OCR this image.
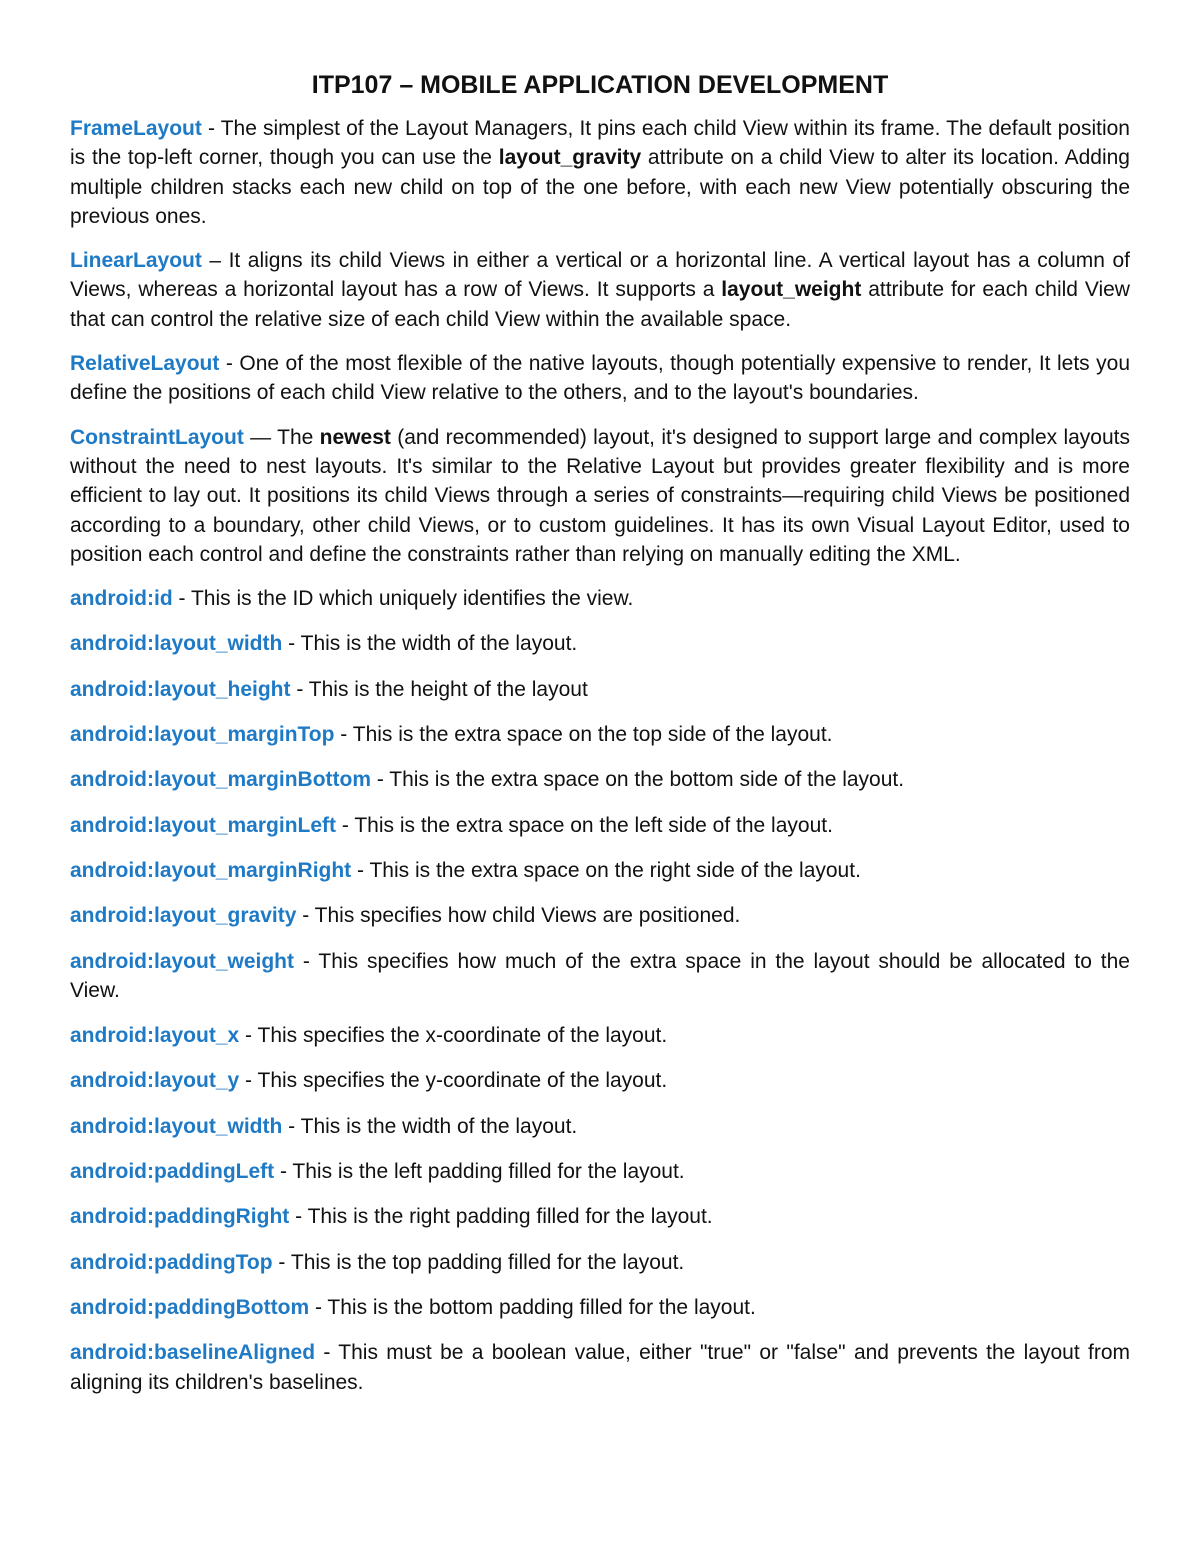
ITP107 – MOBILE APPLICATION DEVELOPMENT

FrameLayout - The simplest of the Layout Managers, It pins each child View within its frame. The default position is the top-left corner, though you can use the layout_gravity attribute on a child View to alter its location. Adding multiple children stacks each new child on top of the one before, with each new View potentially obscuring the previous ones.

LinearLayout – It aligns its child Views in either a vertical or a horizontal line. A vertical layout has a column of Views, whereas a horizontal layout has a row of Views. It supports a layout_weight attribute for each child View that can control the relative size of each child View within the available space.

RelativeLayout - One of the most flexible of the native layouts, though potentially expensive to render, It lets you define the positions of each child View relative to the others, and to the layout's boundaries.

ConstraintLayout — The newest (and recommended) layout, it's designed to support large and complex layouts without the need to nest layouts. It's similar to the Relative Layout but provides greater flexibility and is more efficient to lay out. It positions its child Views through a series of constraints—requiring child Views be positioned according to a boundary, other child Views, or to custom guidelines. It has its own Visual Layout Editor, used to position each control and define the constraints rather than relying on manually editing the XML.

android:id - This is the ID which uniquely identifies the view.

android:layout_width - This is the width of the layout.

android:layout_height - This is the height of the layout

android:layout_marginTop - This is the extra space on the top side of the layout.

android:layout_marginBottom - This is the extra space on the bottom side of the layout.

android:layout_marginLeft - This is the extra space on the left side of the layout.

android:layout_marginRight - This is the extra space on the right side of the layout.

android:layout_gravity - This specifies how child Views are positioned.

android:layout_weight - This specifies how much of the extra space in the layout should be allocated to the View.

android:layout_x - This specifies the x-coordinate of the layout.

android:layout_y - This specifies the y-coordinate of the layout.

android:layout_width - This is the width of the layout.

android:paddingLeft - This is the left padding filled for the layout.

android:paddingRight - This is the right padding filled for the layout.

android:paddingTop - This is the top padding filled for the layout.

android:paddingBottom - This is the bottom padding filled for the layout.

android:baselineAligned - This must be a boolean value, either "true" or "false" and prevents the layout from aligning its children's baselines.
